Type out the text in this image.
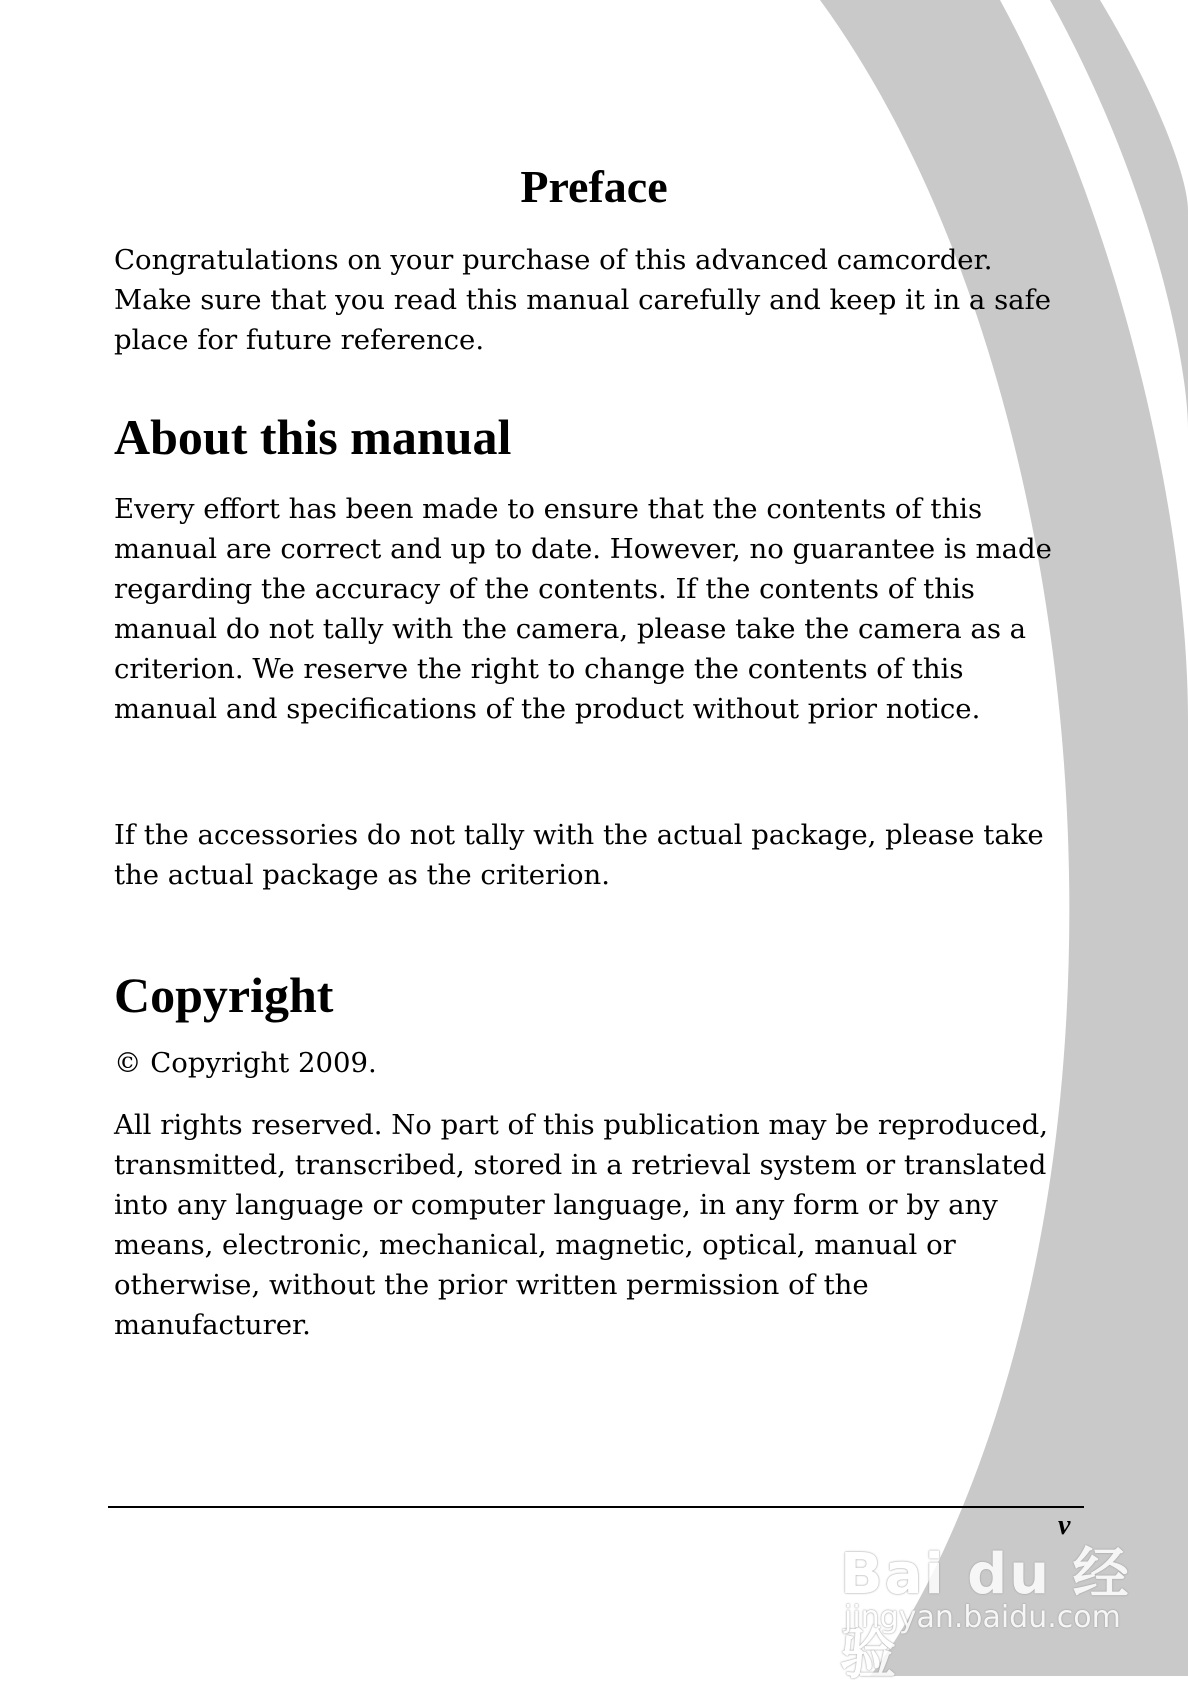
Preface

Congratulations on your purchase of this advanced camcorder.
Make sure that you read this manual carefully and keep it in a safe
place for future reference.

About this manual

Every effort has been made to ensure that the contents of this
manual are correct and up to date. However, no guarantee is made
regarding the accuracy of the contents. If the contents of this
manual do not tally with the camera, please take the camera as a
criterion. We reserve the right to change the contents of this
manual and specifications of the product without prior notice.

If the accessories do not tally with the actual package, please take
the actual package as the criterion.

Copyright

© Copyright 2009.

All rights reserved. No part of this publication may be reproduced,
transmitted, transcribed, stored in a retrieval system or translated
into any language or computer language, in any form or by any
means, electronic, mechanical, magnetic, optical, manual or
otherwise, without the prior written permission of the
manufacturer.

v
Bai du 经验
jingyan.baidu.com
